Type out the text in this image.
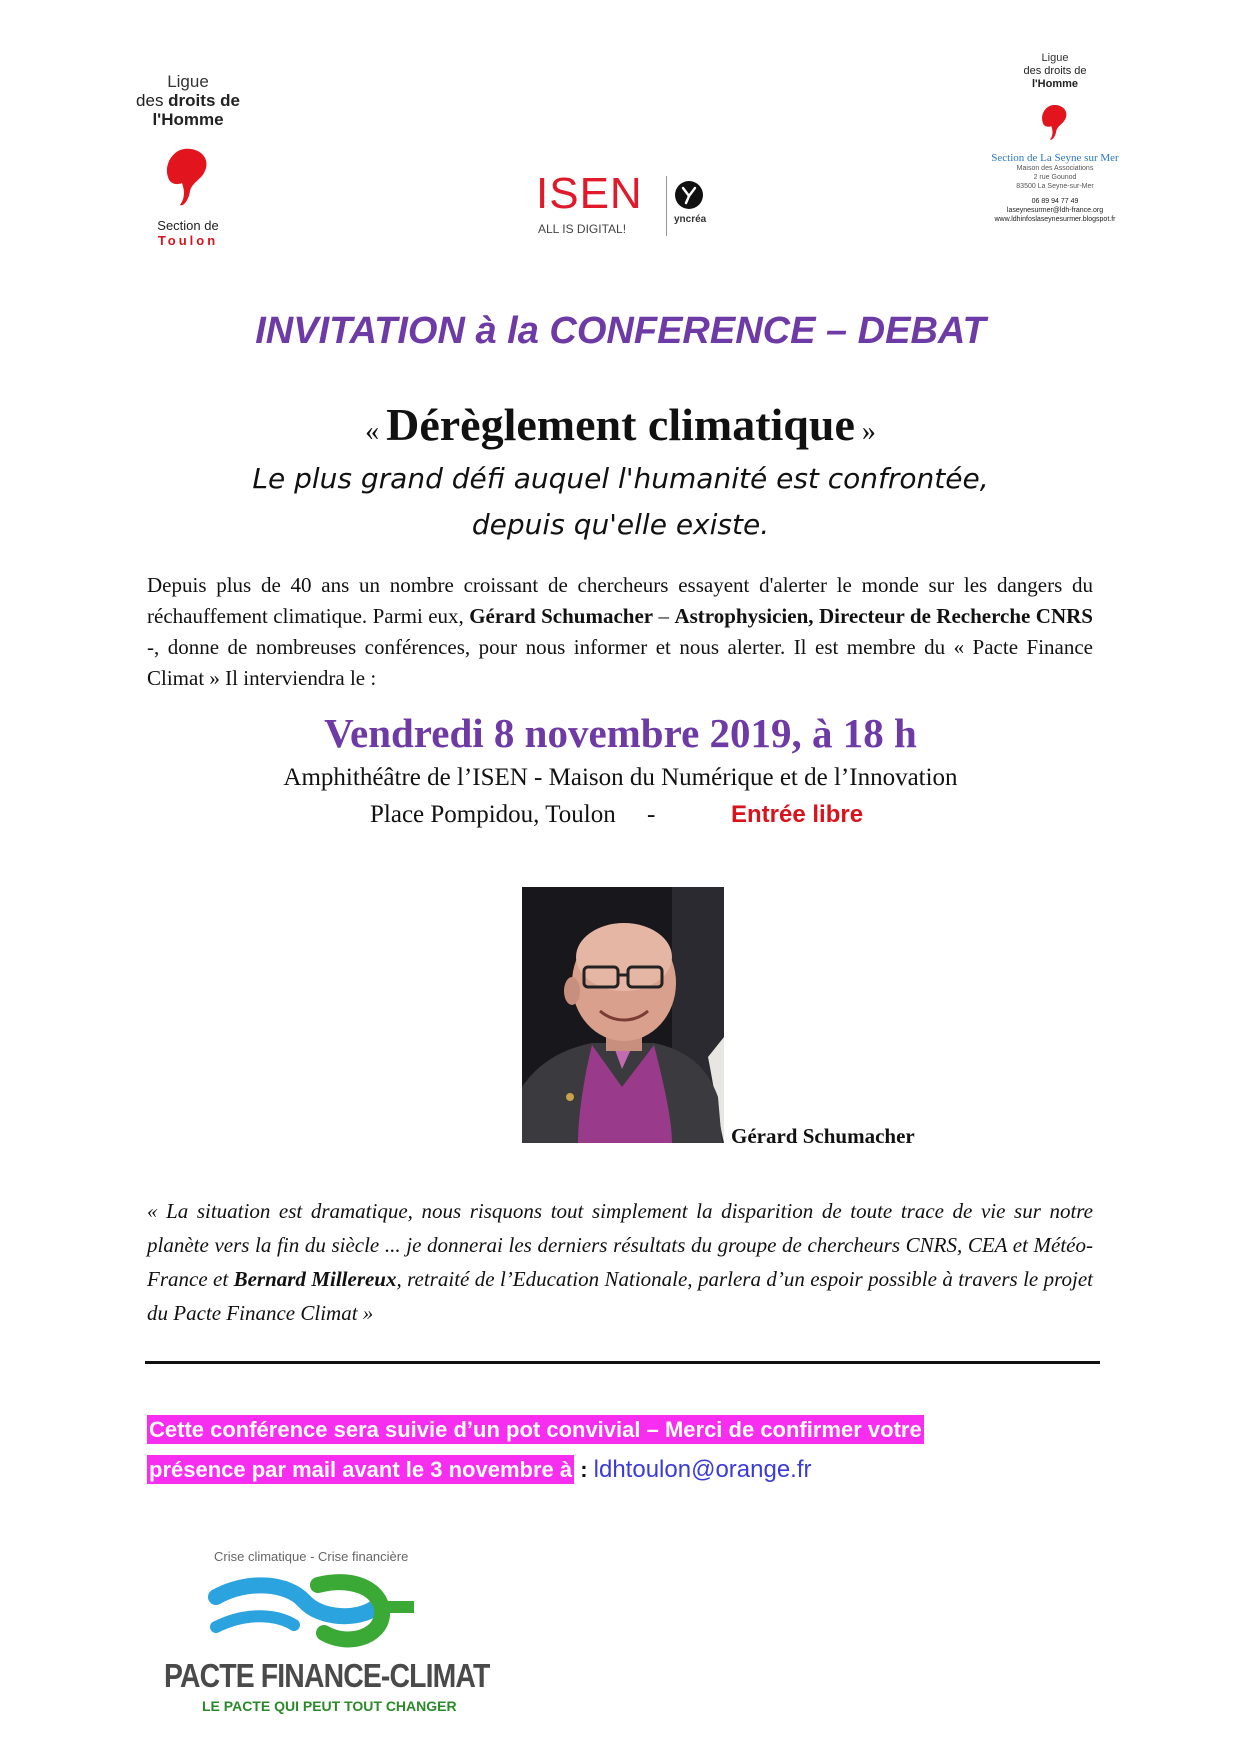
Ligue
des droits de
l'Homme
Section de
Toulon
ISEN
ALL IS DIGITAL!
yncréa
Ligue
des droits de
l'Homme
Section de La Seyne sur Mer
Maison des Associations
2 rue Gounod
83500 La Seyne-sur-Mer
06 89 94 77 49
laseynesurmer@ldh-france.org
www.ldhinfoslaseynesurmer.blogspot.fr
INVITATION à la CONFERENCE – DEBAT
« Dérèglement climatique »
Le plus grand défi auquel l'humanité est confrontée,
depuis qu'elle existe.

Depuis plus de 40 ans un nombre croissant de chercheurs essayent d'alerter le monde sur les dangers du réchauffement climatique. Parmi eux, Gérard Schumacher – Astrophysicien, Directeur de Recherche CNRS -, donne de nombreuses conférences, pour nous informer et nous alerter. Il est membre du « Pacte Finance Climat » Il interviendra le :

Vendredi 8 novembre 2019, à 18 h
Amphithéâtre de l’ISEN - Maison du Numérique et de l’Innovation
Place Pompidou, Toulon     -	Entrée libre
Gérard Schumacher

« La situation est dramatique, nous risquons tout simplement la disparition de toute trace de vie sur notre planète vers la fin du siècle ... je donnerai les derniers résultats du groupe de chercheurs CNRS, CEA et Météo-France et Bernard Millereux, retraité de l’Education Nationale, parlera d’un espoir possible à travers le projet du Pacte Finance Climat »

Cette conférence sera suivie d’un pot convivial – Merci de confirmer votre
présence par mail avant le 3 novembre à : ldhtoulon@orange.fr
Crise climatique - Crise financière
PACTE FINANCE-CLIMAT
LE PACTE QUI PEUT TOUT CHANGER
